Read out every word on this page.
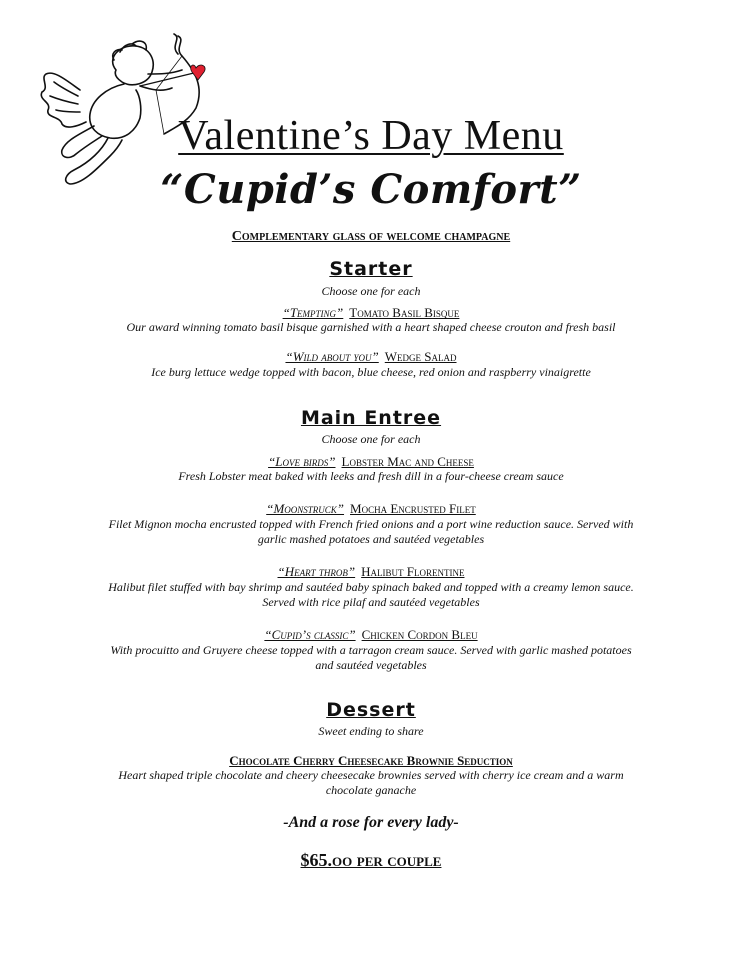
Valentine’s Day Menu
“Cupid’s Comfort”
Complementary glass of welcome champagne
Starter
Choose one for each
“Tempting” Tomato Basil Bisque
Our award winning tomato basil bisque garnished with a heart shaped cheese crouton and fresh basil
“Wild about you” Wedge Salad
Ice burg lettuce wedge topped with bacon, blue cheese, red onion and raspberry vinaigrette
Main Entree
Choose one for each
“Love birds” Lobster Mac and Cheese
Fresh Lobster meat baked with leeks and fresh dill in a four-cheese cream sauce
“Moonstruck” Mocha Encrusted Filet
Filet Mignon mocha encrusted topped with French fried onions and a port wine reduction sauce. Served with garlic mashed potatoes and sautéed vegetables
“Heart throb” Halibut Florentine
Halibut filet stuffed with bay shrimp and sautéed baby spinach baked and topped with a creamy lemon sauce. Served with rice pilaf and sautéed vegetables
“Cupid’s classic” Chicken Cordon Bleu
With procuitto and Gruyere cheese topped with a tarragon cream sauce. Served with garlic mashed potatoes and sautéed vegetables
Dessert
Sweet ending to share
Chocolate Cherry Cheesecake Brownie Seduction
Heart shaped triple chocolate and cheery cheesecake brownies served with cherry ice cream and a warm chocolate ganache
-And a rose for every lady-
$65.oo per couple
